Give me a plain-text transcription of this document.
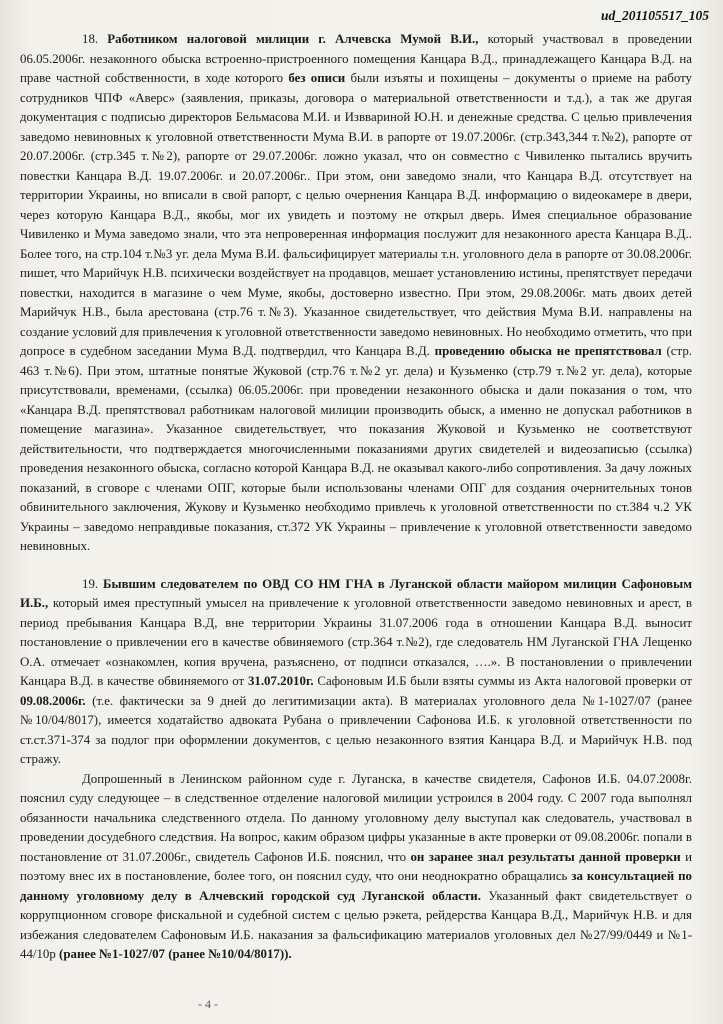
ud_201105517_105

18. Работником налоговой милиции г. Алчевска Мумой В.И., который участвовал в проведении 06.05.2006г. незаконного обыска встроенно-пристроенного помещения Канцара В.Д., принадлежащего Канцара В.Д. на праве частной собственности, в ходе которого без описи были изъяты и похищены – документы о приеме на работу сотрудников ЧПФ «Аверс» (заявления, приказы, договора о материальной ответственности и т.д.), а так же другая документация с подписью директоров Бельмасова М.И. и Изввариной Ю.Н. и денежные средства. С целью привлечения заведомо невиновных к уголовной ответственности Мума В.И. в рапорте от 19.07.2006г. (стр.343,344 т.№2), рапорте от 20.07.2006г. (стр.345 т.№2), рапорте от 29.07.2006г. ложно указал, что он совместно с Чивиленко пытались вручить повестки Канцара В.Д. 19.07.2006г. и 20.07.2006г.. При этом, они заведомо знали, что Канцара В.Д. отсутствует на территории Украины, но вписали в свой рапорт, с целью очернения Канцара В.Д. информацию о видеокамере в двери, через которую Канцара В.Д., якобы, мог их увидеть и поэтому не открыл дверь. Имея специальное образование Чивиленко и Мума заведомо знали, что эта непроверенная информация послужит для незаконного ареста Канцара В.Д.. Более того, на стр.104 т.№3 уг. дела Мума В.И. фальсифицирует материалы т.н. уголовного дела в рапорте от 30.08.2006г. пишет, что Марийчук Н.В. психически воздействует на продавцов, мешает установлению истины, препятствует передачи повестки, находится в магазине о чем Муме, якобы, достоверно известно. При этом, 29.08.2006г. мать двоих детей Марийчук Н.В., была арестована (стр.76 т.№3). Указанное свидетельствует, что действия Мума В.И. направлены на создание условий для привлечения к уголовной ответственности заведомо невиновных. Но необходимо отметить, что при допросе в судебном заседании Мума В.Д. подтвердил, что Канцара В.Д. проведению обыска не препятствовал (стр. 463 т.№6). При этом, штатные понятые Жуковой (стр.76 т.№2 уг. дела) и Кузьменко (стр.79 т.№2 уг. дела), которые присутствовали, временами, (ссылка) 06.05.2006г. при проведении незаконного обыска и дали показания о том, что «Канцара В.Д. препятствовал работникам налоговой милиции производить обыск, а именно не допускал работников в помещение магазина». Указанное свидетельствует, что показания Жуковой и Кузьменко не соответствуют действительности, что подтверждается многочисленными показаниями других свидетелей и видеозаписью (ссылка) проведения незаконного обыска, согласно которой Канцара В.Д. не оказывал какого-либо сопротивления. За дачу ложных показаний, в сговоре с членами ОПГ, которые были использованы членами ОПГ для создания очернительных тонов обвинительного заключения, Жукову и Кузьменко необходимо привлечь к уголовной ответственности по ст.384 ч.2 УК Украины – заведомо неправдивые показания, ст.372 УК Украины – привлечение к уголовной ответственности заведомо невиновных.

19. Бывшим следователем по ОВД СО НМ ГНА в Луганской области майором милиции Сафоновым И.Б., который имея преступный умысел на привлечение к уголовной ответственности заведомо невиновных и арест, в период пребывания Канцара В.Д, вне территории Украины 31.07.2006 года в отношении Канцара В.Д. выносит постановление о привлечении его в качестве обвиняемого (стр.364 т.№2), где следователь НМ Луганской ГНА Лещенко О.А. отмечает «ознакомлен, копия вручена, разъяснено, от подписи отказался, ….». В постановлении о привлечении Канцара В.Д. в качестве обвиняемого от 31.07.2010г. Сафоновым И.Б были взяты суммы из Акта налоговой проверки от 09.08.2006г. (т.е. фактически за 9 дней до легитимизации акта). В материалах уголовного дела №1-1027/07 (ранее №10/04/8017), имеется ходатайство адвоката Рубана о привлечении Сафонова И.Б. к уголовной ответственности по ст.ст.371-374 за подлог при оформлении документов, с целью незаконного взятия Канцара В.Д. и Марийчук Н.В. под стражу.

Допрошенный в Ленинском районном суде г. Луганска, в качестве свидетеля, Сафонов И.Б. 04.07.2008г. пояснил суду следующее – в следственное отделение налоговой милиции устроился в 2004 году. С 2007 года выполнял обязанности начальника следственного отдела. По данному уголовному делу выступал как следователь, участвовал в проведении досудебного следствия. На вопрос, каким образом цифры указанные в акте проверки от 09.08.2006г. попали в постановление от 31.07.2006г., свидетель Сафонов И.Б. пояснил, что он заранее знал результаты данной проверки и поэтому внес их в постановление, более того, он пояснил суду, что они неоднократно обращались за консультацией по данному уголовному делу в Алчевский городской суд Луганской области. Указанный факт свидетельствует о коррупционном сговоре фискальной и судебной систем с целью рэкета, рейдерства Канцара В.Д., Марийчук Н.В. и для избежания следователем Сафоновым И.Б. наказания за фальсификацию материалов уголовных дел №27/99/0449 и №1-44/10р (ранее №1-1027/07 (ранее №10/04/8017)).

- 4 -
